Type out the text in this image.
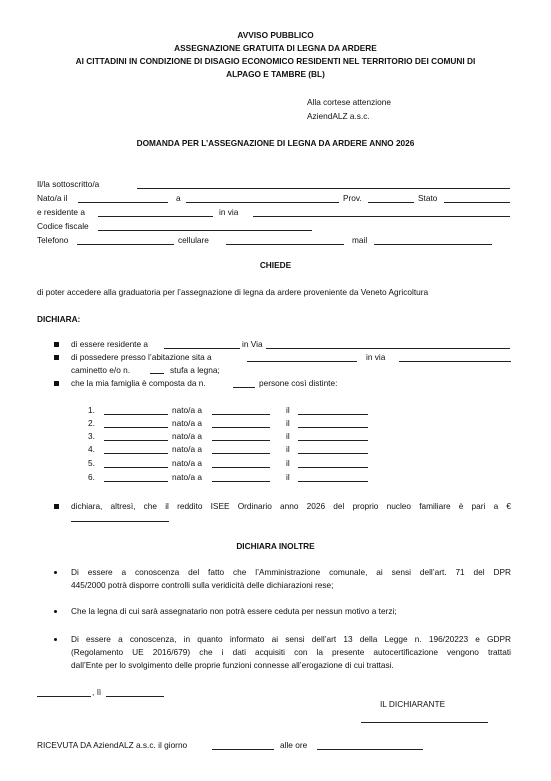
AVVISO PUBBLICO
ASSEGNAZIONE GRATUITA DI LEGNA DA ARDERE
AI CITTADINI IN CONDIZIONE DI DISAGIO ECONOMICO RESIDENTI NEL TERRITORIO DEI COMUNI DI
ALPAGO E TAMBRE (BL)
Alla cortese attenzione
AziendALZ a.s.c.
DOMANDA PER L’ASSEGNAZIONE DI LEGNA DA ARDERE ANNO 2026
Il/la sottoscritto/a
Nato/a il	a	Prov.	Stato
e residente a	in via
Codice fiscale
Telefono	cellulare	mail
CHIEDE
di poter accedere alla graduatoria per l’assegnazione di legna da ardere proveniente da Veneto Agricoltura
DICHIARA:
di essere residente a	in Via
di possedere presso l’abitazione sita a	in via
caminetto e/o n.	stufa a legna;
che la mia famiglia è composta da n.	persone così distinte:
1.	nato/a a	il
2.	nato/a a	il
3.	nato/a a	il
4.	nato/a a	il
5.	nato/a a	il
6.	nato/a a	il
dichiara, altresì, che il reddito ISEE Ordinario anno 2026 del proprio nucleo familiare è pari a €
DICHIARA INOLTRE
Di essere a conoscenza del fatto che l’Amministrazione comunale, ai sensi dell’art. 71 del DPR
445/2000 potrà disporre controlli sulla veridicità delle dichiarazioni rese;
Che la legna di cui sarà assegnatario non potrà essere ceduta per nessun motivo a terzi;
Di essere a conoscenza, in quanto informato ai sensi dell’art 13 della Legge n. 196/20223 e GDPR
(Regolamento UE 2016/679) che i dati acquisiti con la presente autocertificazione vengono trattati
dall’Ente per lo svolgimento delle proprie funzioni connesse all’erogazione di cui trattasi.
, lì
IL DICHIARANTE
RICEVUTA DA AziendALZ a.s.c. il giorno	alle ore
